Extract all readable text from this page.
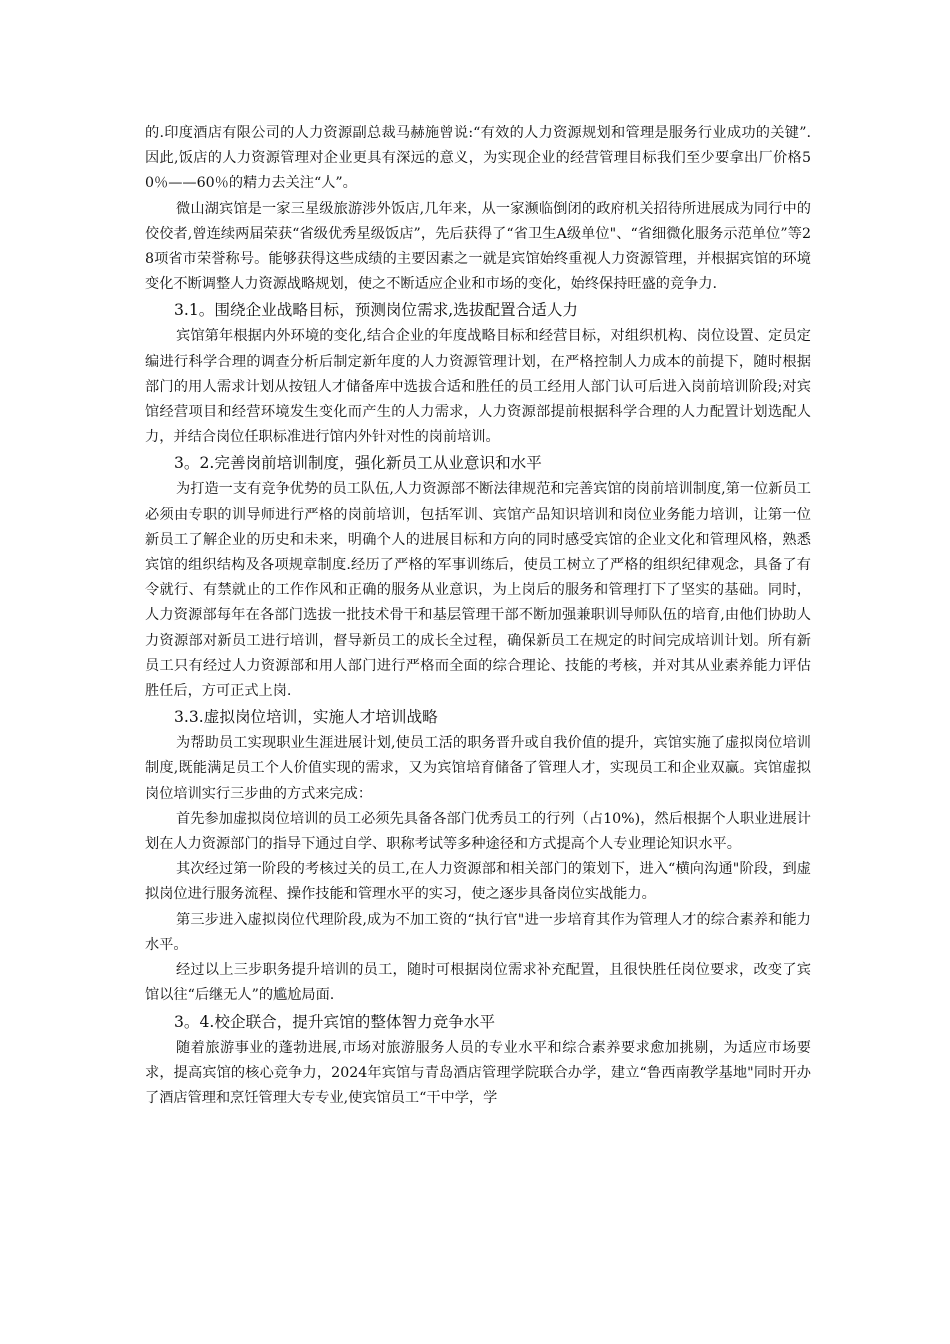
的.印度酒店有限公司的人力资源副总裁马赫施曾说:“有效的人力资源规划和管理是服务行业成功的关键”.因此,饭店的人力资源管理对企业更具有深远的意义，为实现企业的经营管理目标我们至少要拿出厂价格50％——60％的精力去关注“人”。

微山湖宾馆是一家三星级旅游涉外饭店,几年来，从一家濒临倒闭的政府机关招待所进展成为同行中的佼佼者,曾连续两届荣获“省级优秀星级饭店”，先后获得了“省卫生A级单位"、“省细微化服务示范单位”等28项省市荣誉称号。能够获得这些成绩的主要因素之一就是宾馆始终重视人力资源管理，并根据宾馆的环境变化不断调整人力资源战略规划，使之不断适应企业和市场的变化，始终保持旺盛的竞争力.

3.1。围绕企业战略目标，预测岗位需求,选拔配置合适人力

宾馆第年根据内外环境的变化,结合企业的年度战略目标和经营目标，对组织机构、岗位设置、定员定编进行科学合理的调查分析后制定新年度的人力资源管理计划，在严格控制人力成本的前提下，随时根据部门的用人需求计划从按钮人才储备库中选拔合适和胜任的员工经用人部门认可后进入岗前培训阶段;对宾馆经营项目和经营环境发生变化而产生的人力需求，人力资源部提前根据科学合理的人力配置计划选配人力，并结合岗位任职标准进行馆内外针对性的岗前培训。

3。2.完善岗前培训制度，强化新员工从业意识和水平

为打造一支有竞争优势的员工队伍,人力资源部不断法律规范和完善宾馆的岗前培训制度,第一位新员工必须由专职的训导师进行严格的岗前培训，包括军训、宾馆产品知识培训和岗位业务能力培训，让第一位新员工了解企业的历史和未来，明确个人的进展目标和方向的同时感受宾馆的企业文化和管理风格，熟悉宾馆的组织结构及各项规章制度.经历了严格的军事训练后，使员工树立了严格的组织纪律观念，具备了有令就行、有禁就止的工作作风和正确的服务从业意识，为上岗后的服务和管理打下了坚实的基础。同时，人力资源部每年在各部门选拔一批技术骨干和基层管理干部不断加强兼职训导师队伍的培育,由他们协助人力资源部对新员工进行培训，督导新员工的成长全过程，确保新员工在规定的时间完成培训计划。所有新员工只有经过人力资源部和用人部门进行严格而全面的综合理论、技能的考核，并对其从业素养能力评估胜任后，方可正式上岗.

3.3.虚拟岗位培训，实施人才培训战略

为帮助员工实现职业生涯进展计划,使员工活的职务晋升或自我价值的提升，宾馆实施了虚拟岗位培训制度,既能满足员工个人价值实现的需求，又为宾馆培育储备了管理人才，实现员工和企业双赢。宾馆虚拟岗位培训实行三步曲的方式来完成：

首先参加虚拟岗位培训的员工必须先具备各部门优秀员工的行列（占10%)，然后根据个人职业进展计划在人力资源部门的指导下通过自学、职称考试等多种途径和方式提高个人专业理论知识水平。

其次经过第一阶段的考核过关的员工,在人力资源部和相关部门的策划下，进入“横向沟通"阶段，到虚拟岗位进行服务流程、操作技能和管理水平的实习，使之逐步具备岗位实战能力。

第三步进入虚拟岗位代理阶段,成为不加工资的“执行官"进一步培育其作为管理人才的综合素养和能力水平。

经过以上三步职务提升培训的员工，随时可根据岗位需求补充配置，且很快胜任岗位要求，改变了宾馆以往“后继无人”的尴尬局面.

3。4.校企联合，提升宾馆的整体智力竞争水平

随着旅游事业的蓬勃进展,市场对旅游服务人员的专业水平和综合素养要求愈加挑剔，为适应市场要求，提高宾馆的核心竞争力，2024年宾馆与青岛酒店管理学院联合办学，建立“鲁西南教学基地"同时开办了酒店管理和烹饪管理大专专业,使宾馆员工“干中学，学
